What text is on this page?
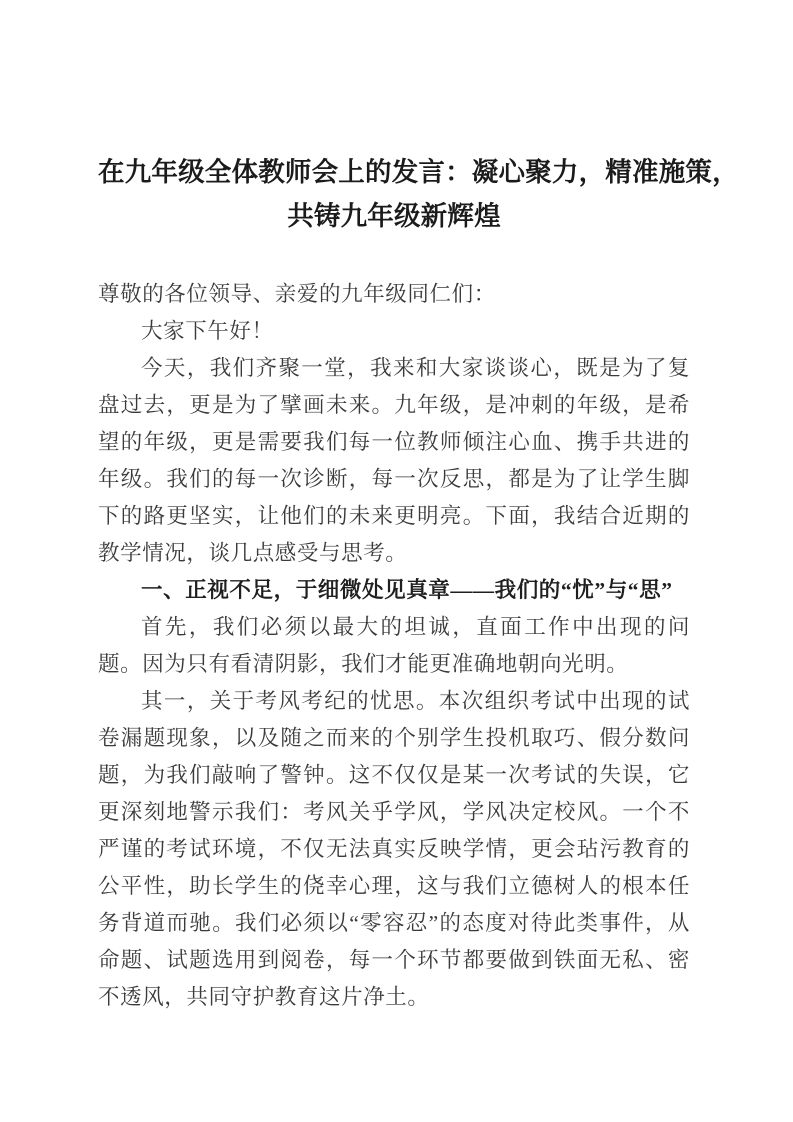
在九年级全体教师会上的发言：凝心聚力，精准施策，
共铸九年级新辉煌

尊敬的各位领导、亲爱的九年级同仁们：

大家下午好！

今天，我们齐聚一堂，我来和大家谈谈心，既是为了复盘过去，更是为了擘画未来。九年级，是冲刺的年级，是希望的年级，更是需要我们每一位教师倾注心血、携手共进的年级。我们的每一次诊断，每一次反思，都是为了让学生脚下的路更坚实，让他们的未来更明亮。下面，我结合近期的教学情况，谈几点感受与思考。

一、正视不足，于细微处见真章——我们的“忧”与“思”

首先，我们必须以最大的坦诚，直面工作中出现的问题。因为只有看清阴影，我们才能更准确地朝向光明。

其一，关于考风考纪的忧思。本次组织考试中出现的试卷漏题现象，以及随之而来的个别学生投机取巧、假分数问题，为我们敲响了警钟。这不仅仅是某一次考试的失误，它更深刻地警示我们：考风关乎学风，学风决定校风。一个不严谨的考试环境，不仅无法真实反映学情，更会玷污教育的公平性，助长学生的侥幸心理，这与我们立德树人的根本任务背道而驰。我们必须以“零容忍”的态度对待此类事件，从命题、试题选用到阅卷，每一个环节都要做到铁面无私、密不透风，共同守护教育这片净土。
